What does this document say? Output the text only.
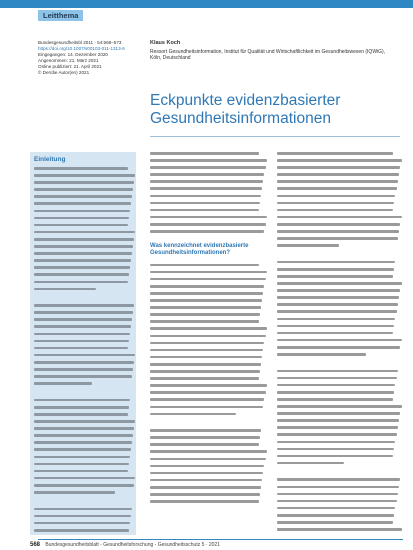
Leitthema
Bundesgesundheitsbl 2011 · 54:568–573
https://doi.org/10.1007/s00103-011-1313-6
Eingegangen: 14. Dezember 2020
Angenommen: 21. März 2021
Online publiziert: 21. April 2021
© Der/die Autor(en) 2021
Klaus Koch
Ressort Gesundheitsinformation, Institut für Qualität und Wirtschaftlichkeit im Gesundheitswesen (IQWiG), Köln, Deutschland
Eckpunkte evidenzbasierter Gesundheitsinformationen
Einleitung
Was kennzeichnet evidenzbasierte Gesundheitsinformationen?
568 Bundesgesundheitsblatt - Gesundheitsforschung - Gesundheitsschutz 5 · 2021
